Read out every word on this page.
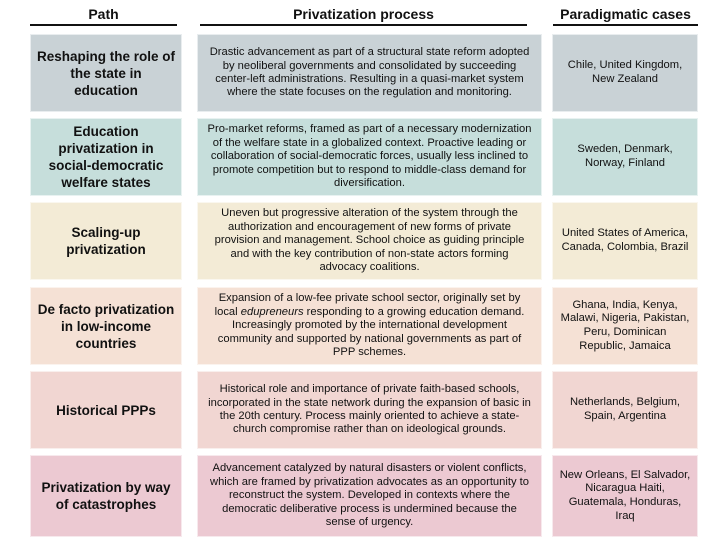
Path	Privatization process	Paradigmatic cases
Reshaping the role of the state in education
Drastic advancement as part of a structural state reform adopted by neoliberal governments and consolidated by succeeding center-left administrations. Resulting in a quasi-market system where the state focuses on the regulation and monitoring.
Chile, United Kingdom, New Zealand
Education privatization in social-democratic welfare states
Pro-market reforms, framed as part of a necessary modernization of the welfare state in a globalized context. Proactive leading or collaboration of social-democratic forces, usually less inclined to promote competition but to respond to middle-class demand for diversification.
Sweden, Denmark, Norway, Finland
Scaling-up privatization
Uneven but progressive alteration of the system through the authorization and encouragement of new forms of private provision and management. School choice as guiding principle and with the key contribution of non-state actors forming advocacy coalitions.
United States of America, Canada, Colombia, Brazil
De facto privatization in low-income countries
Expansion of a low-fee private school sector, originally set by local edupreneurs responding to a growing education demand. Increasingly promoted by the international development community and supported by national governments as part of PPP schemes.
Ghana, India, Kenya, Malawi, Nigeria, Pakistan, Peru, Dominican Republic, Jamaica
Historical PPPs
Historical role and importance of private faith-based schools, incorporated in the state network during the expansion of basic in the 20th century. Process mainly oriented to achieve a state-church compromise rather than on ideological grounds.
Netherlands, Belgium, Spain, Argentina
Privatization by way of catastrophes
Advancement catalyzed by natural disasters or violent conflicts, which are framed by privatization advocates as an opportunity to reconstruct the system. Developed in contexts where the democratic deliberative process is undermined because the sense of urgency.
New Orleans, El Salvador, Nicaragua Haiti, Guatemala, Honduras, Iraq
